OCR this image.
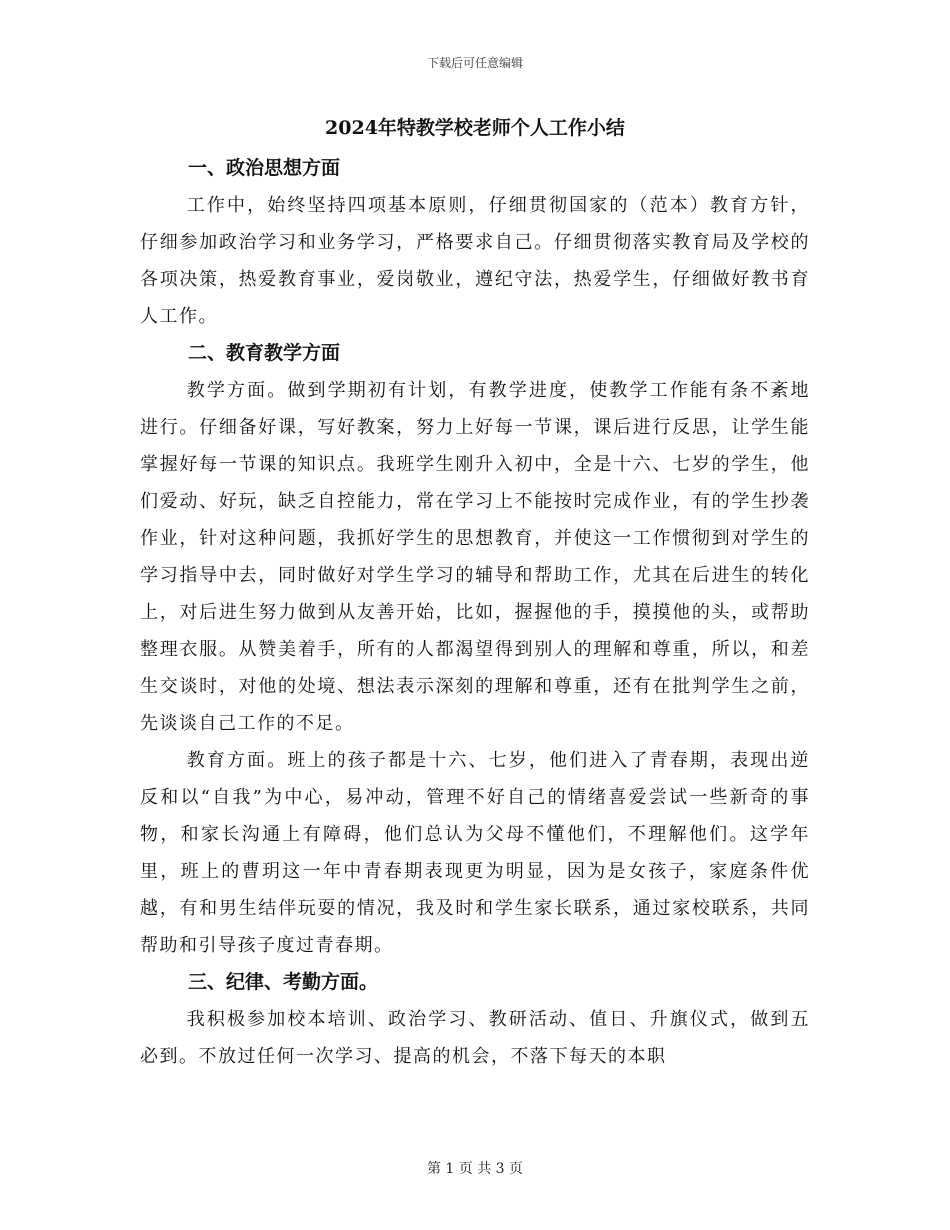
下载后可任意编辑
2024年特教学校老师个人工作小结
一、政治思想方面

工作中，始终坚持四项基本原则，仔细贯彻国家的（范本）教育方针，仔细参加政治学习和业务学习，严格要求自己。仔细贯彻落实教育局及学校的各项决策，热爱教育事业，爱岗敬业，遵纪守法，热爱学生，仔细做好教书育人工作。

二、教育教学方面

教学方面。做到学期初有计划，有教学进度，使教学工作能有条不紊地进行。仔细备好课，写好教案，努力上好每一节课，课后进行反思，让学生能掌握好每一节课的知识点。我班学生刚升入初中，全是十六、七岁的学生，他们爱动、好玩，缺乏自控能力，常在学习上不能按时完成作业，有的学生抄袭作业，针对这种问题，我抓好学生的思想教育，并使这一工作惯彻到对学生的学习指导中去，同时做好对学生学习的辅导和帮助工作，尤其在后进生的转化上，对后进生努力做到从友善开始，比如，握握他的手，摸摸他的头，或帮助整理衣服。从赞美着手，所有的人都渴望得到别人的理解和尊重，所以，和差生交谈时，对他的处境、想法表示深刻的理解和尊重，还有在批判学生之前，先谈谈自己工作的不足。

教育方面。班上的孩子都是十六、七岁，他们进入了青春期，表现出逆反和以“自我”为中心，易冲动，管理不好自己的情绪喜爱尝试一些新奇的事物，和家长沟通上有障碍，他们总认为父母不懂他们，不理解他们。这学年里，班上的曹玥这一年中青春期表现更为明显，因为是女孩子，家庭条件优越，有和男生结伴玩耍的情况，我及时和学生家长联系，通过家校联系，共同帮助和引导孩子度过青春期。

三、纪律、考勤方面。

我积极参加校本培训、政治学习、教研活动、值日、升旗仪式，做到五必到。不放过任何一次学习、提高的机会，不落下每天的本职

第 1 页 共 3 页
